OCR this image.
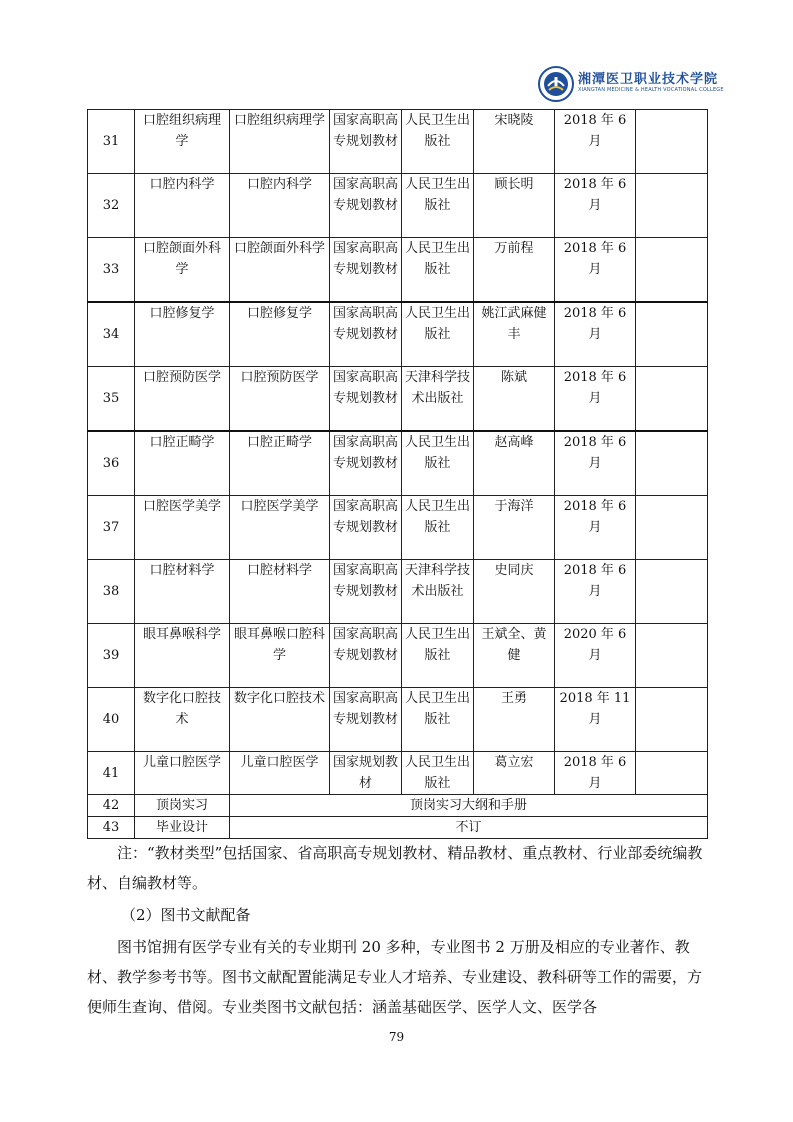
湘潭医卫职业技术学院
XIANGTAN MEDICINE & HEALTH VOCATIONAL COLLEGE
31	口腔组织病理学	口腔组织病理学	国家高职高专规划教材	人民卫生出版社	宋晓陵	2018 年 6 月	
32	口腔内科学	口腔内科学	国家高职高专规划教材	人民卫生出版社	顾长明	2018 年 6 月	
33	口腔颌面外科学	口腔颌面外科学	国家高职高专规划教材	人民卫生出版社	万前程	2018 年 6 月	
34	口腔修复学	口腔修复学	国家高职高专规划教材	人民卫生出版社	姚江武麻健丰	2018 年 6 月	
35	口腔预防医学	口腔预防医学	国家高职高专规划教材	天津科学技术出版社	陈斌	2018 年 6 月	
36	口腔正畸学	口腔正畸学	国家高职高专规划教材	人民卫生出版社	赵高峰	2018 年 6 月	
37	口腔医学美学	口腔医学美学	国家高职高专规划教材	人民卫生出版社	于海洋	2018 年 6 月	
38	口腔材料学	口腔材料学	国家高职高专规划教材	天津科学技术出版社	史同庆	2018 年 6 月	
39	眼耳鼻喉科学	眼耳鼻喉口腔科学	国家高职高专规划教材	人民卫生出版社	王斌全、黄健	2020 年 6 月	
40	数字化口腔技术	数字化口腔技术	国家高职高专规划教材	人民卫生出版社	王勇	2018 年 11 月	
41	儿童口腔医学	儿童口腔医学	国家规划教材	人民卫生出版社	葛立宏	2018 年 6 月	
42	顶岗实习	顶岗实习大纲和手册					
43	毕业设计	不订					

注：“教材类型”包括国家、省高职高专规划教材、精品教材、重点教材、行业部委统编教材、自编教材等。

（2）图书文献配备

图书馆拥有医学专业有关的专业期刊 20 多种，专业图书 2 万册及相应的专业著作、教材、教学参考书等。图书文献配置能满足专业人才培养、专业建设、教科研等工作的需要，方便师生查询、借阅。专业类图书文献包括：涵盖基础医学、医学人文、医学各

79
